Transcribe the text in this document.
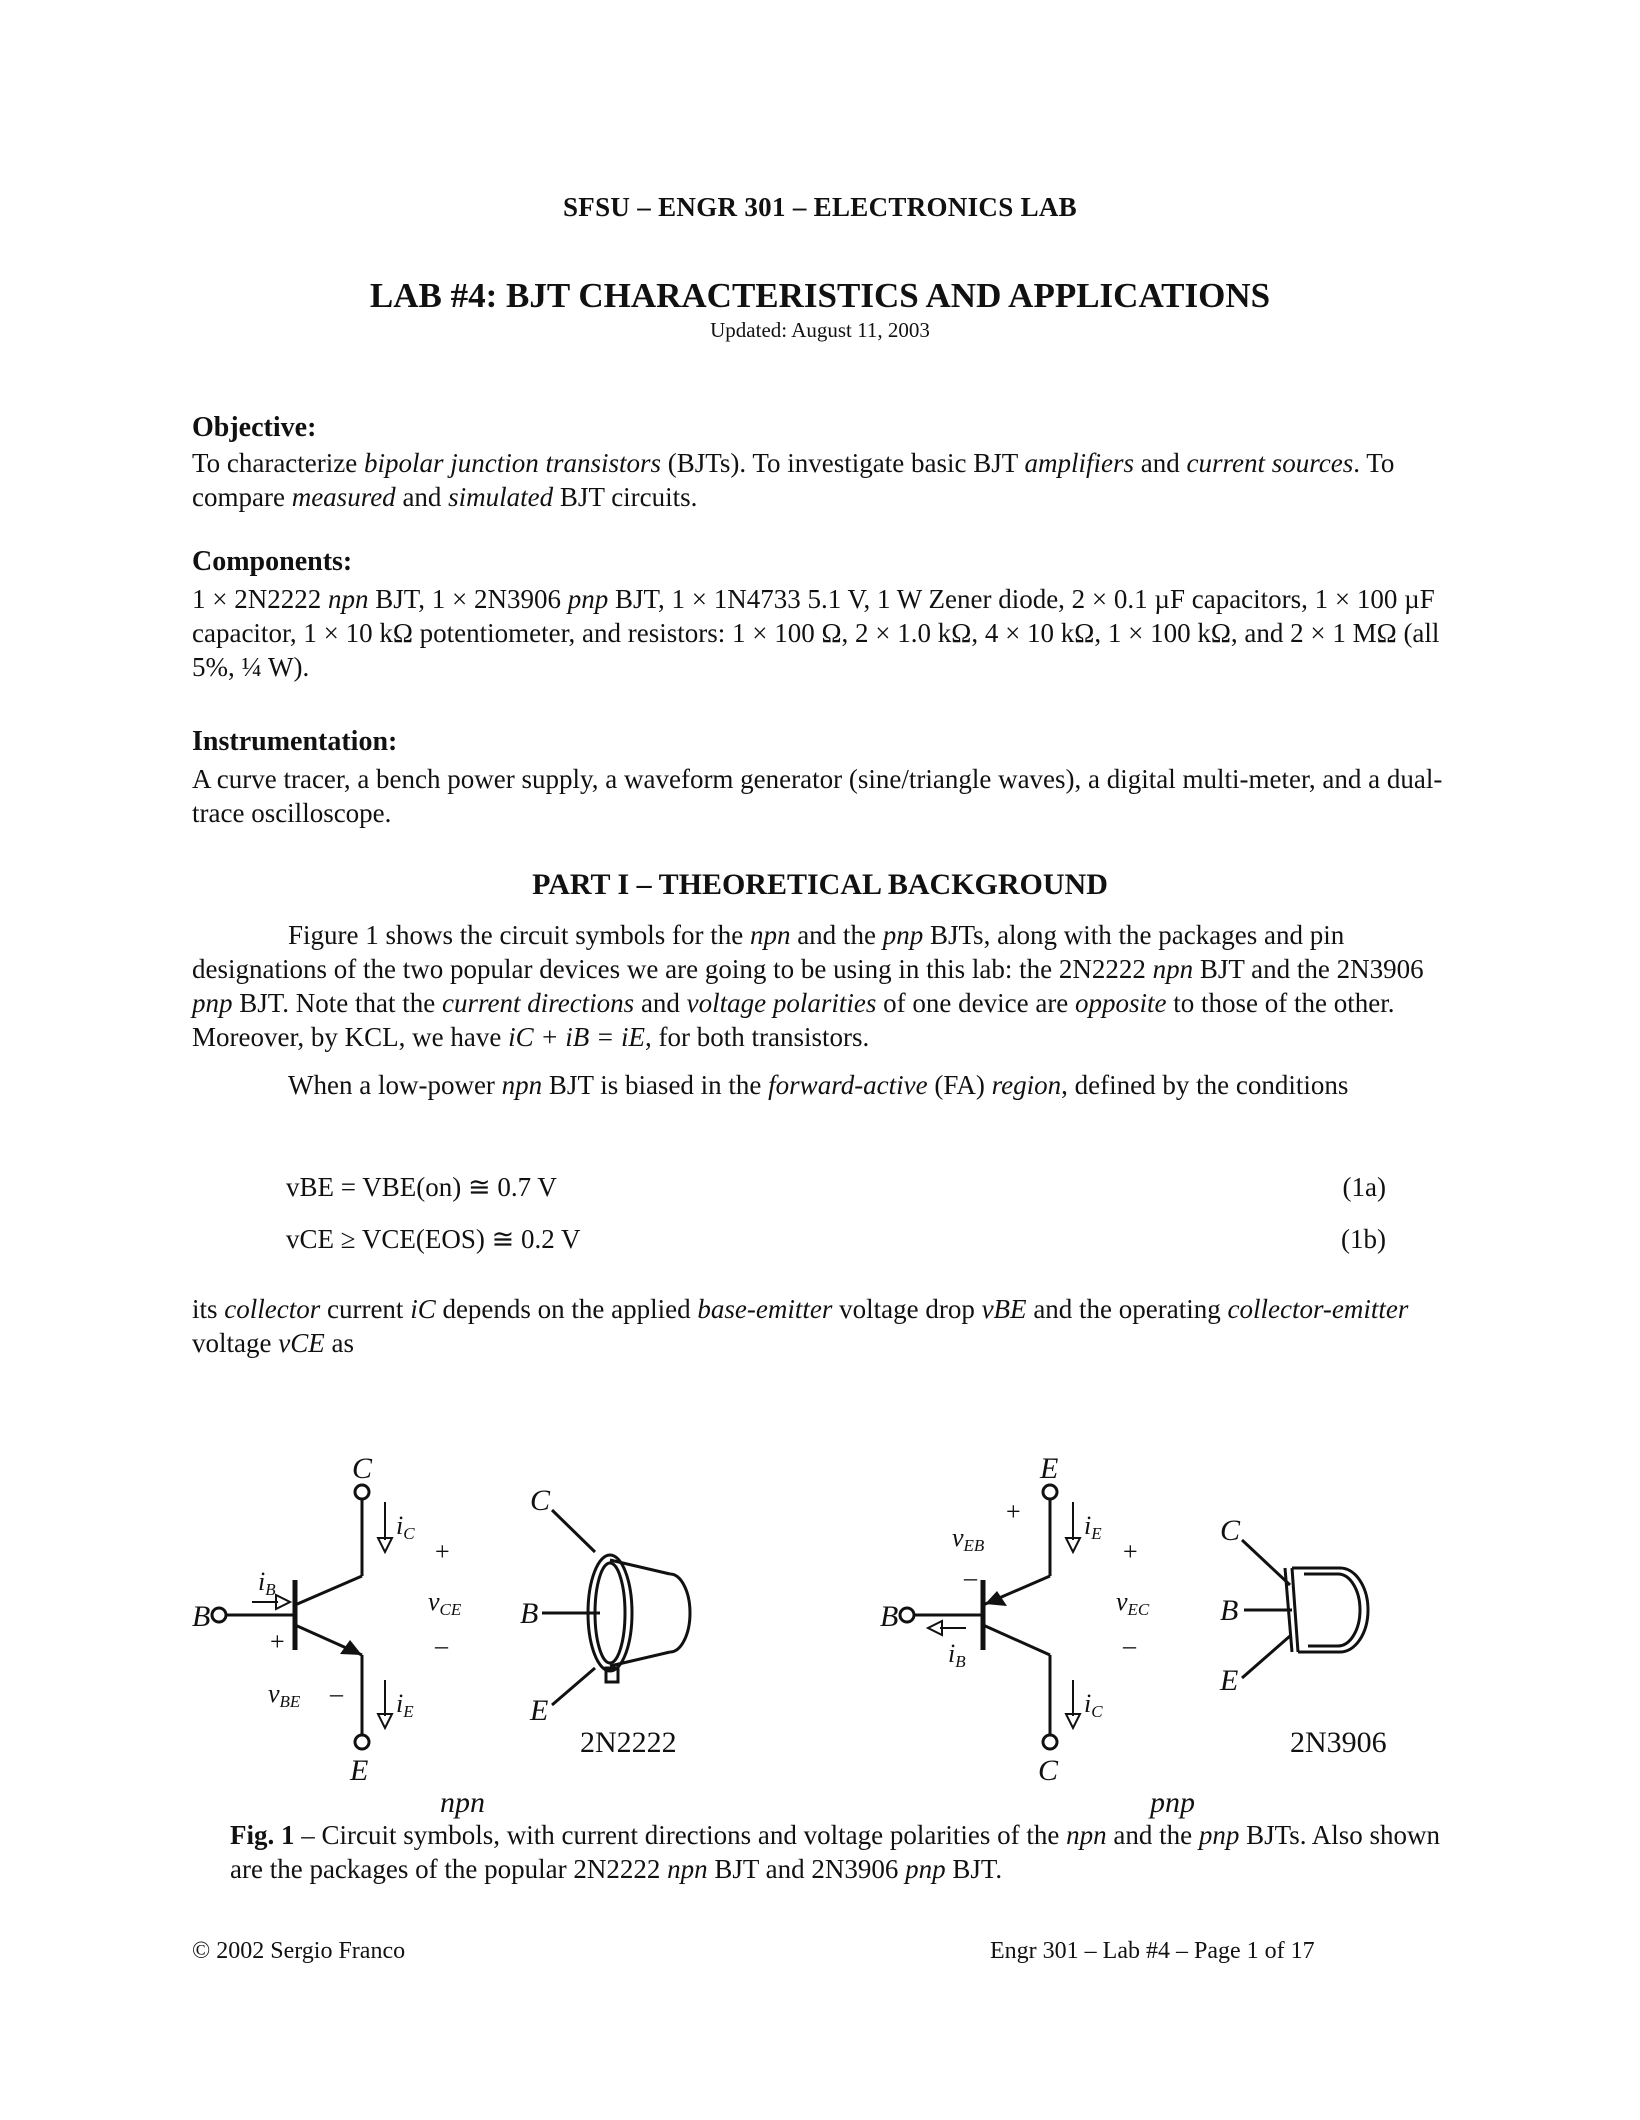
SFSU – ENGR 301 – ELECTRONICS LAB
LAB #4: BJT CHARACTERISTICS AND APPLICATIONS
Updated: August 11, 2003
Objective:
To characterize bipolar junction transistors (BJTs). To investigate basic BJT amplifiers and current sources. To compare measured and simulated BJT circuits.
Components:
1 × 2N2222 npn BJT, 1 × 2N3906 pnp BJT, 1 × 1N4733 5.1 V, 1 W Zener diode, 2 × 0.1 µF capacitors, 1 × 100 µF capacitor, 1 × 10 kΩ potentiometer, and resistors: 1 × 100 Ω, 2 × 1.0 kΩ, 4 × 10 kΩ, 1 × 100 kΩ, and 2 × 1 MΩ (all 5%, ¼ W).
Instrumentation:
A curve tracer, a bench power supply, a waveform generator (sine/triangle waves), a digital multi-meter, and a dual-trace oscilloscope.
PART I – THEORETICAL BACKGROUND
Figure 1 shows the circuit symbols for the npn and the pnp BJTs, along with the packages and pin designations of the two popular devices we are going to be using in this lab: the 2N2222 npn BJT and the 2N3906 pnp BJT. Note that the current directions and voltage polarities of one device are opposite to those of the other. Moreover, by KCL, we have iC + iB = iE, for both transistors.
When a low-power npn BJT is biased in the forward-active (FA) region, defined by the conditions
vBE = VBE(on) ≅ 0.7 V	(1a)
vCE ≥ VCE(EOS) ≅ 0.2 V	(1b)
its collector current iC depends on the applied base-emitter voltage drop vBE and the operating collector-emitter voltage vCE as
C
B
E
iC
iE
iB
+
vCE
–
+
vBE –
npn
C
B
E
2N2222
E
B
C
iE
iC
iB
+
vEB
–
+
vEC
–
pnp
C
B
E
2N3906
Fig. 1 – Circuit symbols, with current directions and voltage polarities of the npn and the pnp BJTs. Also shown are the packages of the popular 2N2222 npn BJT and 2N3906 pnp BJT.
© 2002 Sergio Franco	Engr 301 – Lab #4 – Page 1 of 17
